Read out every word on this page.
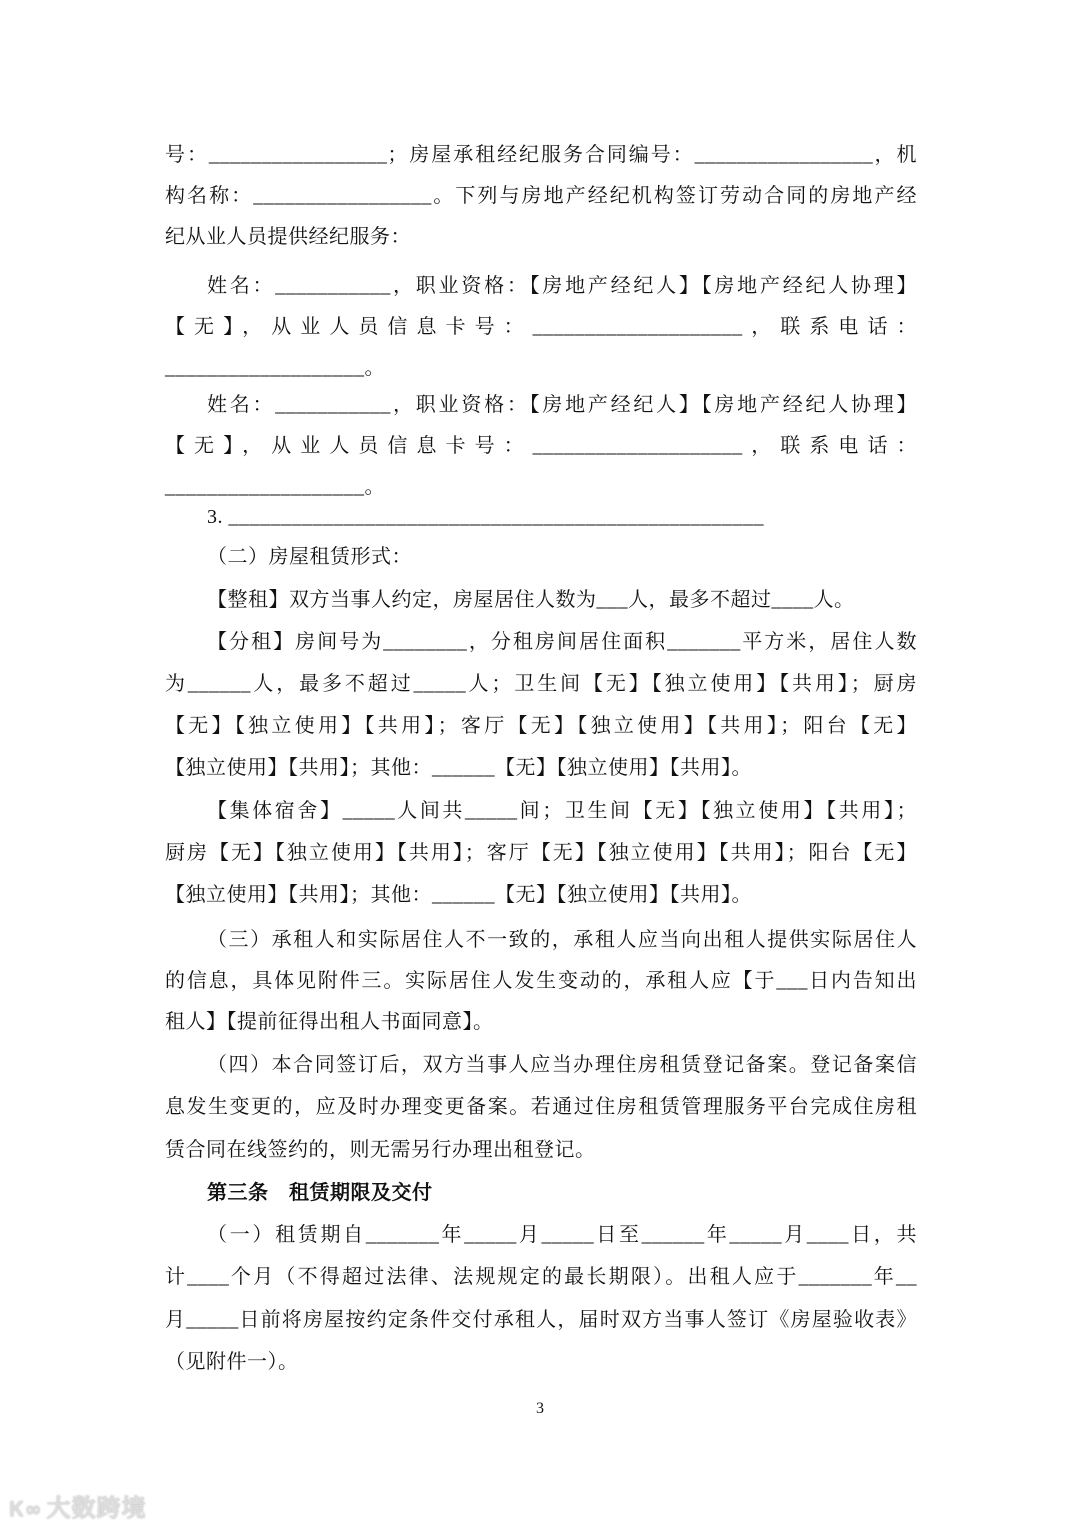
号：_________________；房屋承租经纪服务合同编号：_________________，机
构名称：_________________。下列与房地产经纪机构签订劳动合同的房地产经
纪从业人员提供经纪服务：
姓名：___________，职业资格：【房地产经纪人】【房地产经纪人协理】
【无】，从业人员信息卡号：____________________，联系电话：
___________________。
姓名：___________，职业资格：【房地产经纪人】【房地产经纪人协理】
【无】，从业人员信息卡号：____________________，联系电话：
___________________。
3. ___________________________________________________
（二）房屋租赁形式：
【整租】双方当事人约定，房屋居住人数为___人，最多不超过____人。
【分租】房间号为________，分租房间居住面积_______平方米，居住人数
为______人，最多不超过_____人；卫生间【无】【独立使用】【共用】；厨房
【无】【独立使用】【共用】；客厅【无】【独立使用】【共用】；阳台【无】
【独立使用】【共用】；其他：______【无】【独立使用】【共用】。
【集体宿舍】_____人间共_____间；卫生间【无】【独立使用】【共用】；
厨房【无】【独立使用】【共用】；客厅【无】【独立使用】【共用】；阳台【无】
【独立使用】【共用】；其他：______【无】【独立使用】【共用】。
（三）承租人和实际居住人不一致的，承租人应当向出租人提供实际居住人
的信息，具体见附件三。实际居住人发生变动的，承租人应【于___日内告知出
租人】【提前征得出租人书面同意】。
（四）本合同签订后，双方当事人应当办理住房租赁登记备案。登记备案信
息发生变更的，应及时办理变更备案。若通过住房租赁管理服务平台完成住房租
赁合同在线签约的，则无需另行办理出租登记。
第三条　租赁期限及交付
（一）租赁期自_______年_____月_____日至______年_____月____日，共
计____个月（不得超过法律、法规规定的最长期限）。出租人应于_______年__
月_____日前将房屋按约定条件交付承租人，届时双方当事人签订《房屋验收表》
（见附件一）。
3
Ꮶ∞ 大数跨境
